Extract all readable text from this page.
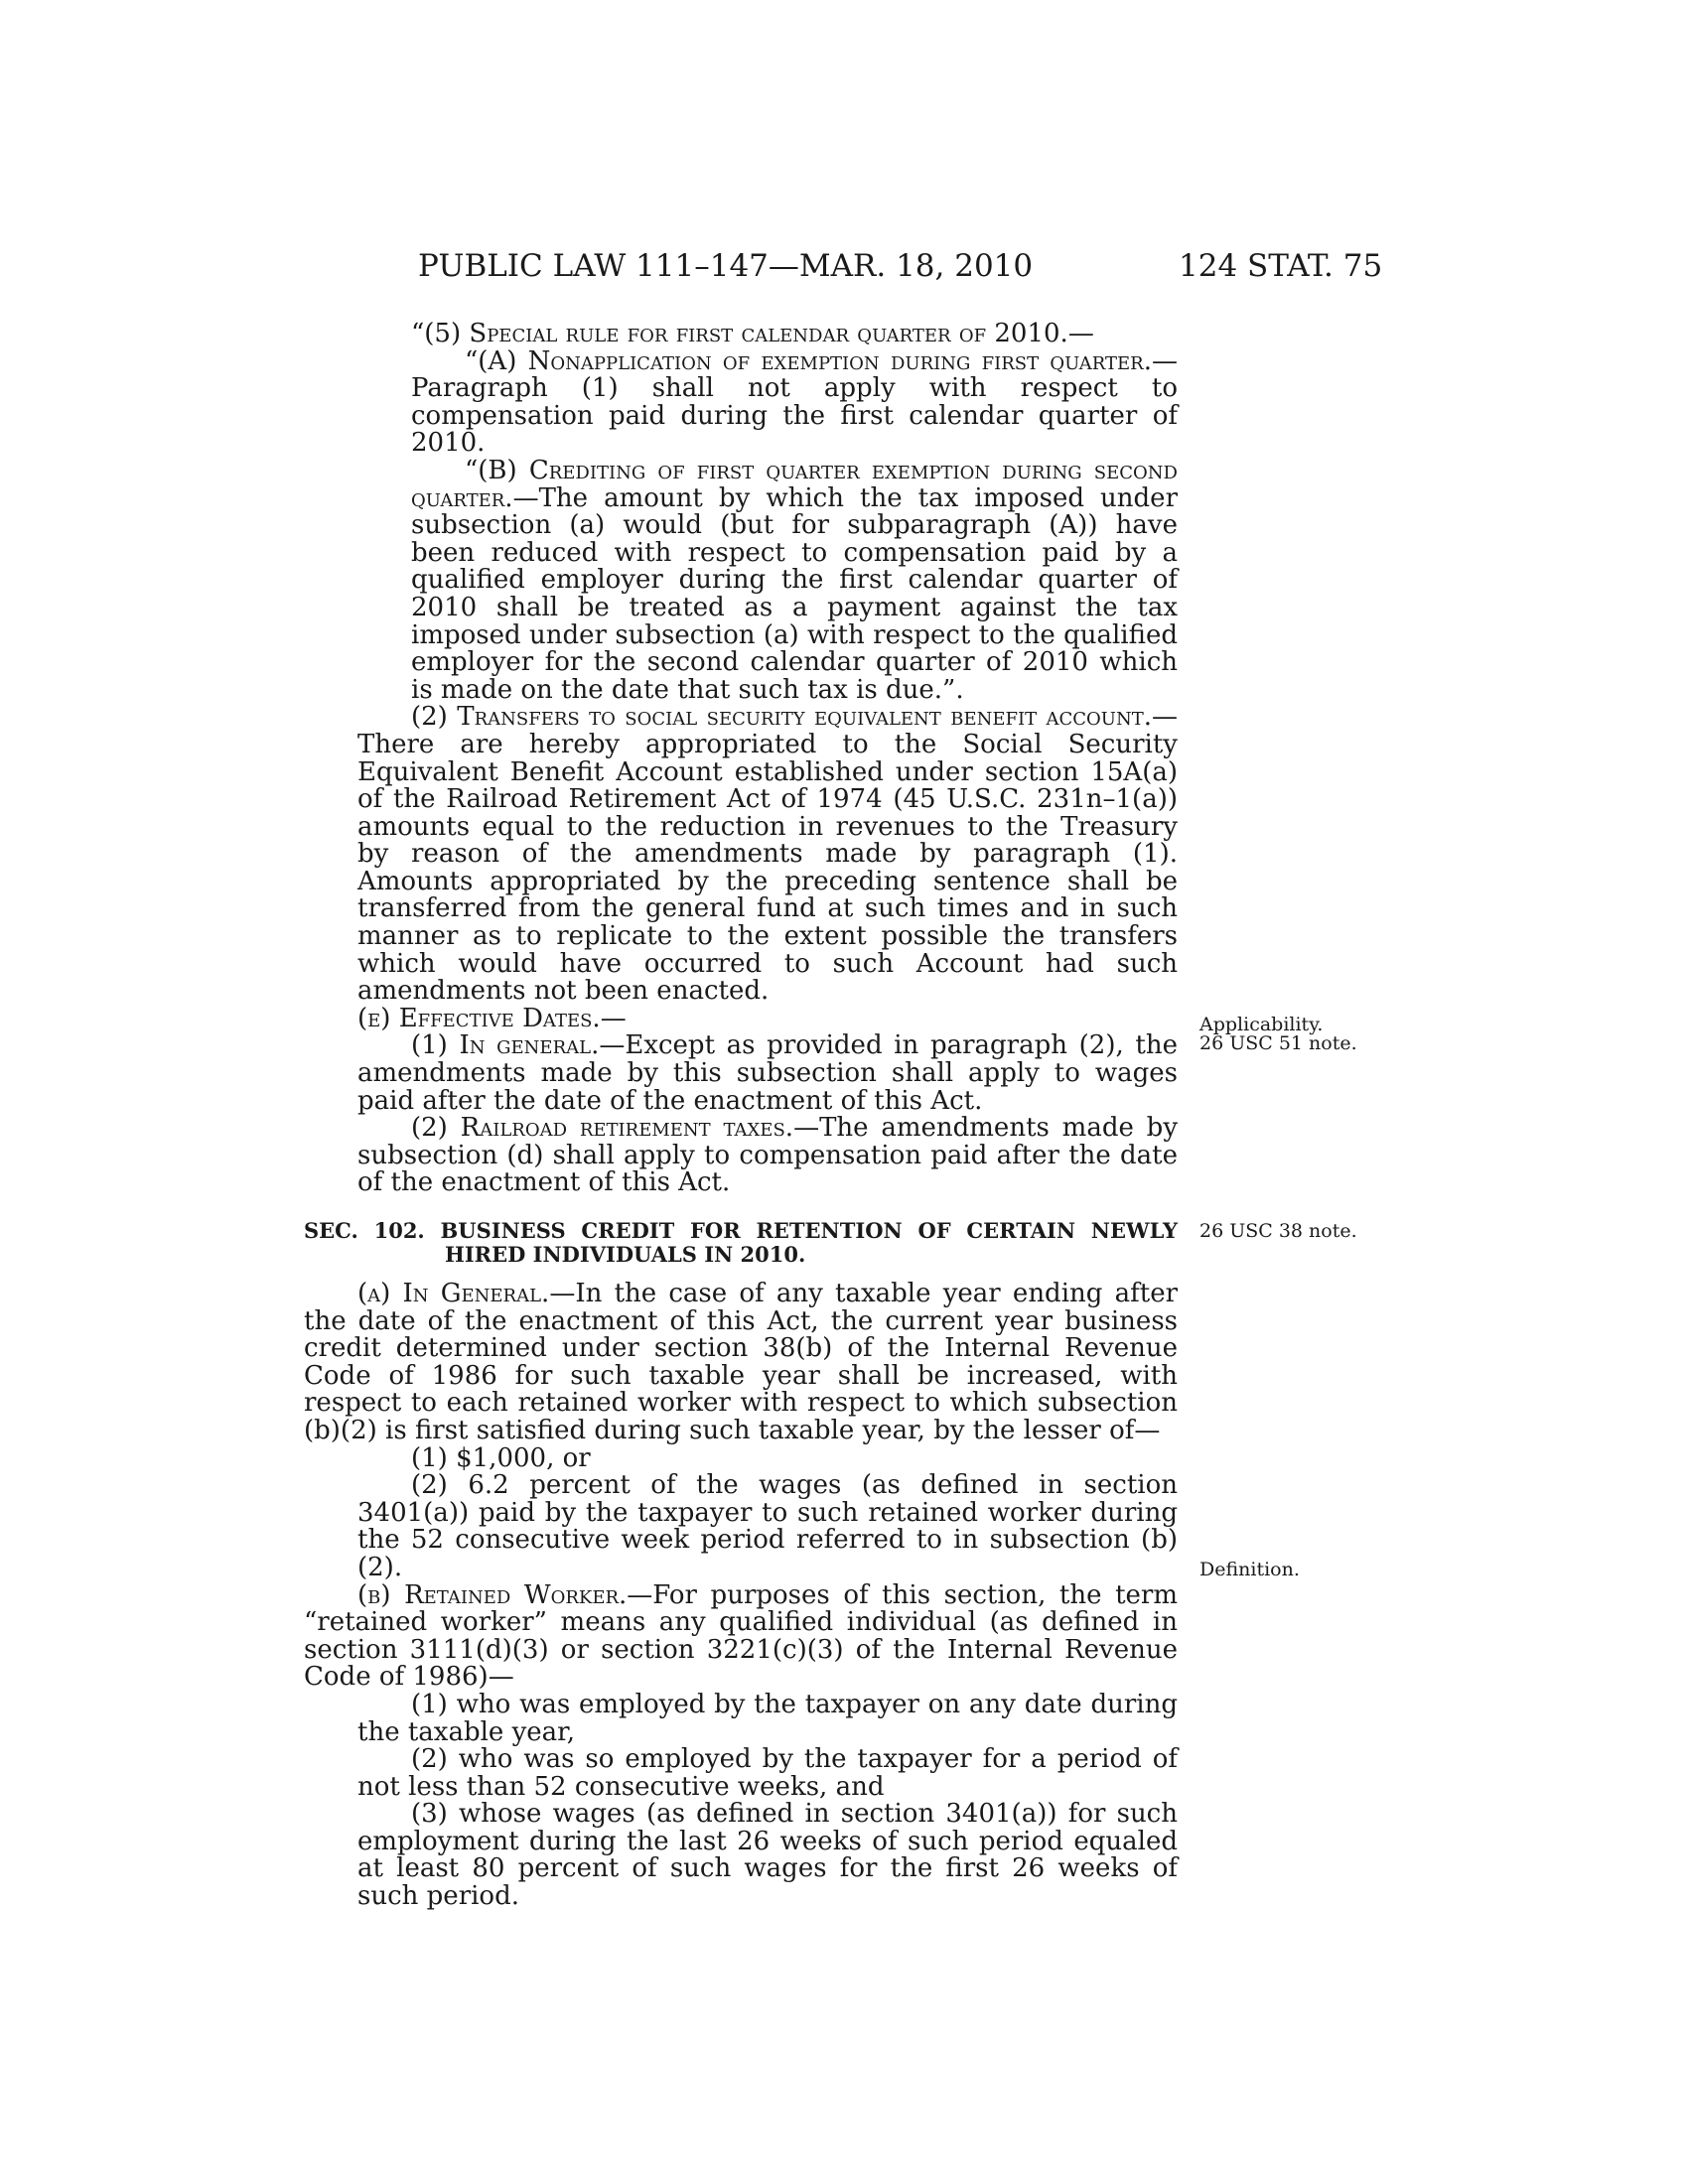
PUBLIC LAW 111–147—MAR. 18, 2010	124 STAT. 75

“(5) Special rule for first calendar quarter of 2010.—

“(A) Nonapplication of exemption during first quarter.—Paragraph (1) shall not apply with respect to compensation paid during the first calendar quarter of 2010.

“(B) Crediting of first quarter exemption during second quarter.—The amount by which the tax imposed under subsection (a) would (but for subparagraph (A)) have been reduced with respect to compensation paid by a qualified employer during the first calendar quarter of 2010 shall be treated as a payment against the tax imposed under subsection (a) with respect to the qualified employer for the second calendar quarter of 2010 which is made on the date that such tax is due.”.

(2) Transfers to social security equivalent benefit account.—There are hereby appropriated to the Social Security Equivalent Benefit Account established under section 15A(a) of the Railroad Retirement Act of 1974 (45 U.S.C. 231n–1(a)) amounts equal to the reduction in revenues to the Treasury by reason of the amendments made by paragraph (1). Amounts appropriated by the preceding sentence shall be transferred from the general fund at such times and in such manner as to replicate to the extent possible the transfers which would have occurred to such Account had such amendments not been enacted.

(e) Effective Dates.—

(1) In general.—Except as provided in paragraph (2), the amendments made by this subsection shall apply to wages paid after the date of the enactment of this Act.

(2) Railroad retirement taxes.—The amendments made by subsection (d) shall apply to compensation paid after the date of the enactment of this Act.

SEC. 102. BUSINESS CREDIT FOR RETENTION OF CERTAIN NEWLY HIRED INDIVIDUALS IN 2010.

(a) In General.—In the case of any taxable year ending after the date of the enactment of this Act, the current year business credit determined under section 38(b) of the Internal Revenue Code of 1986 for such taxable year shall be increased, with respect to each retained worker with respect to which subsection (b)(2) is first satisfied during such taxable year, by the lesser of—

(1) $1,000, or

(2) 6.2 percent of the wages (as defined in section 3401(a)) paid by the taxpayer to such retained worker during the 52 consecutive week period referred to in subsection (b)(2).

(b) Retained Worker.—For purposes of this section, the term “retained worker” means any qualified individual (as defined in section 3111(d)(3) or section 3221(c)(3) of the Internal Revenue Code of 1986)—

(1) who was employed by the taxpayer on any date during the taxable year,

(2) who was so employed by the taxpayer for a period of not less than 52 consecutive weeks, and

(3) whose wages (as defined in section 3401(a)) for such employment during the last 26 weeks of such period equaled at least 80 percent of such wages for the first 26 weeks of such period.

Applicability.
26 USC 51 note.
26 USC 38 note.
Definition.
